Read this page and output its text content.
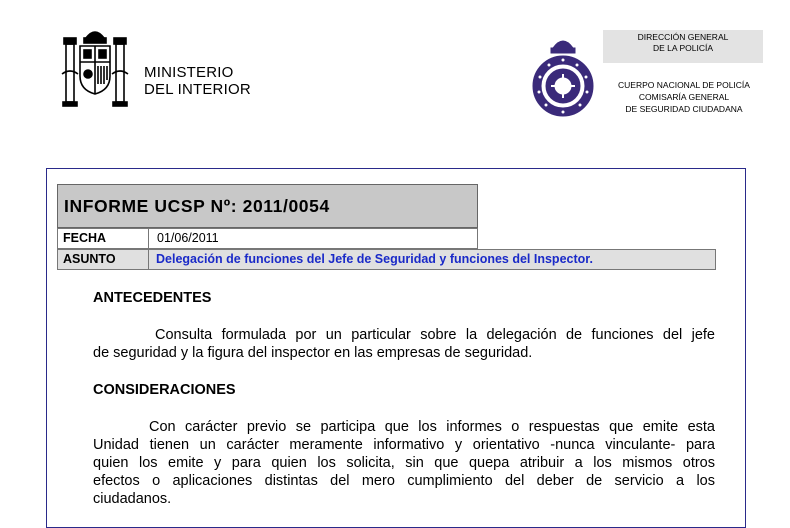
MINISTERIO
DEL INTERIOR
DIRECCIÓN GENERAL
DE LA POLICÍA
CUERPO NACIONAL DE POLICÍA
COMISARÍA GENERAL
DE SEGURIDAD CIUDADANA
INFORME UCSP Nº: 2011/0054
FECHA	01/06/2011
ASUNTO	Delegación de funciones del Jefe de Seguridad y funciones del Inspector.
ANTECEDENTES
Consulta formulada por un particular sobre la delegación de funciones del jefe
de seguridad y la figura del inspector en las empresas de seguridad.
CONSIDERACIONES
Con carácter previo se participa que los informes o respuestas que emite esta
Unidad tienen un carácter meramente informativo y orientativo -nunca vinculante- para
quien los emite y para quien los solicita, sin que quepa atribuir a los mismos otros
efectos o aplicaciones distintas del mero cumplimiento del deber de servicio a los
ciudadanos.
